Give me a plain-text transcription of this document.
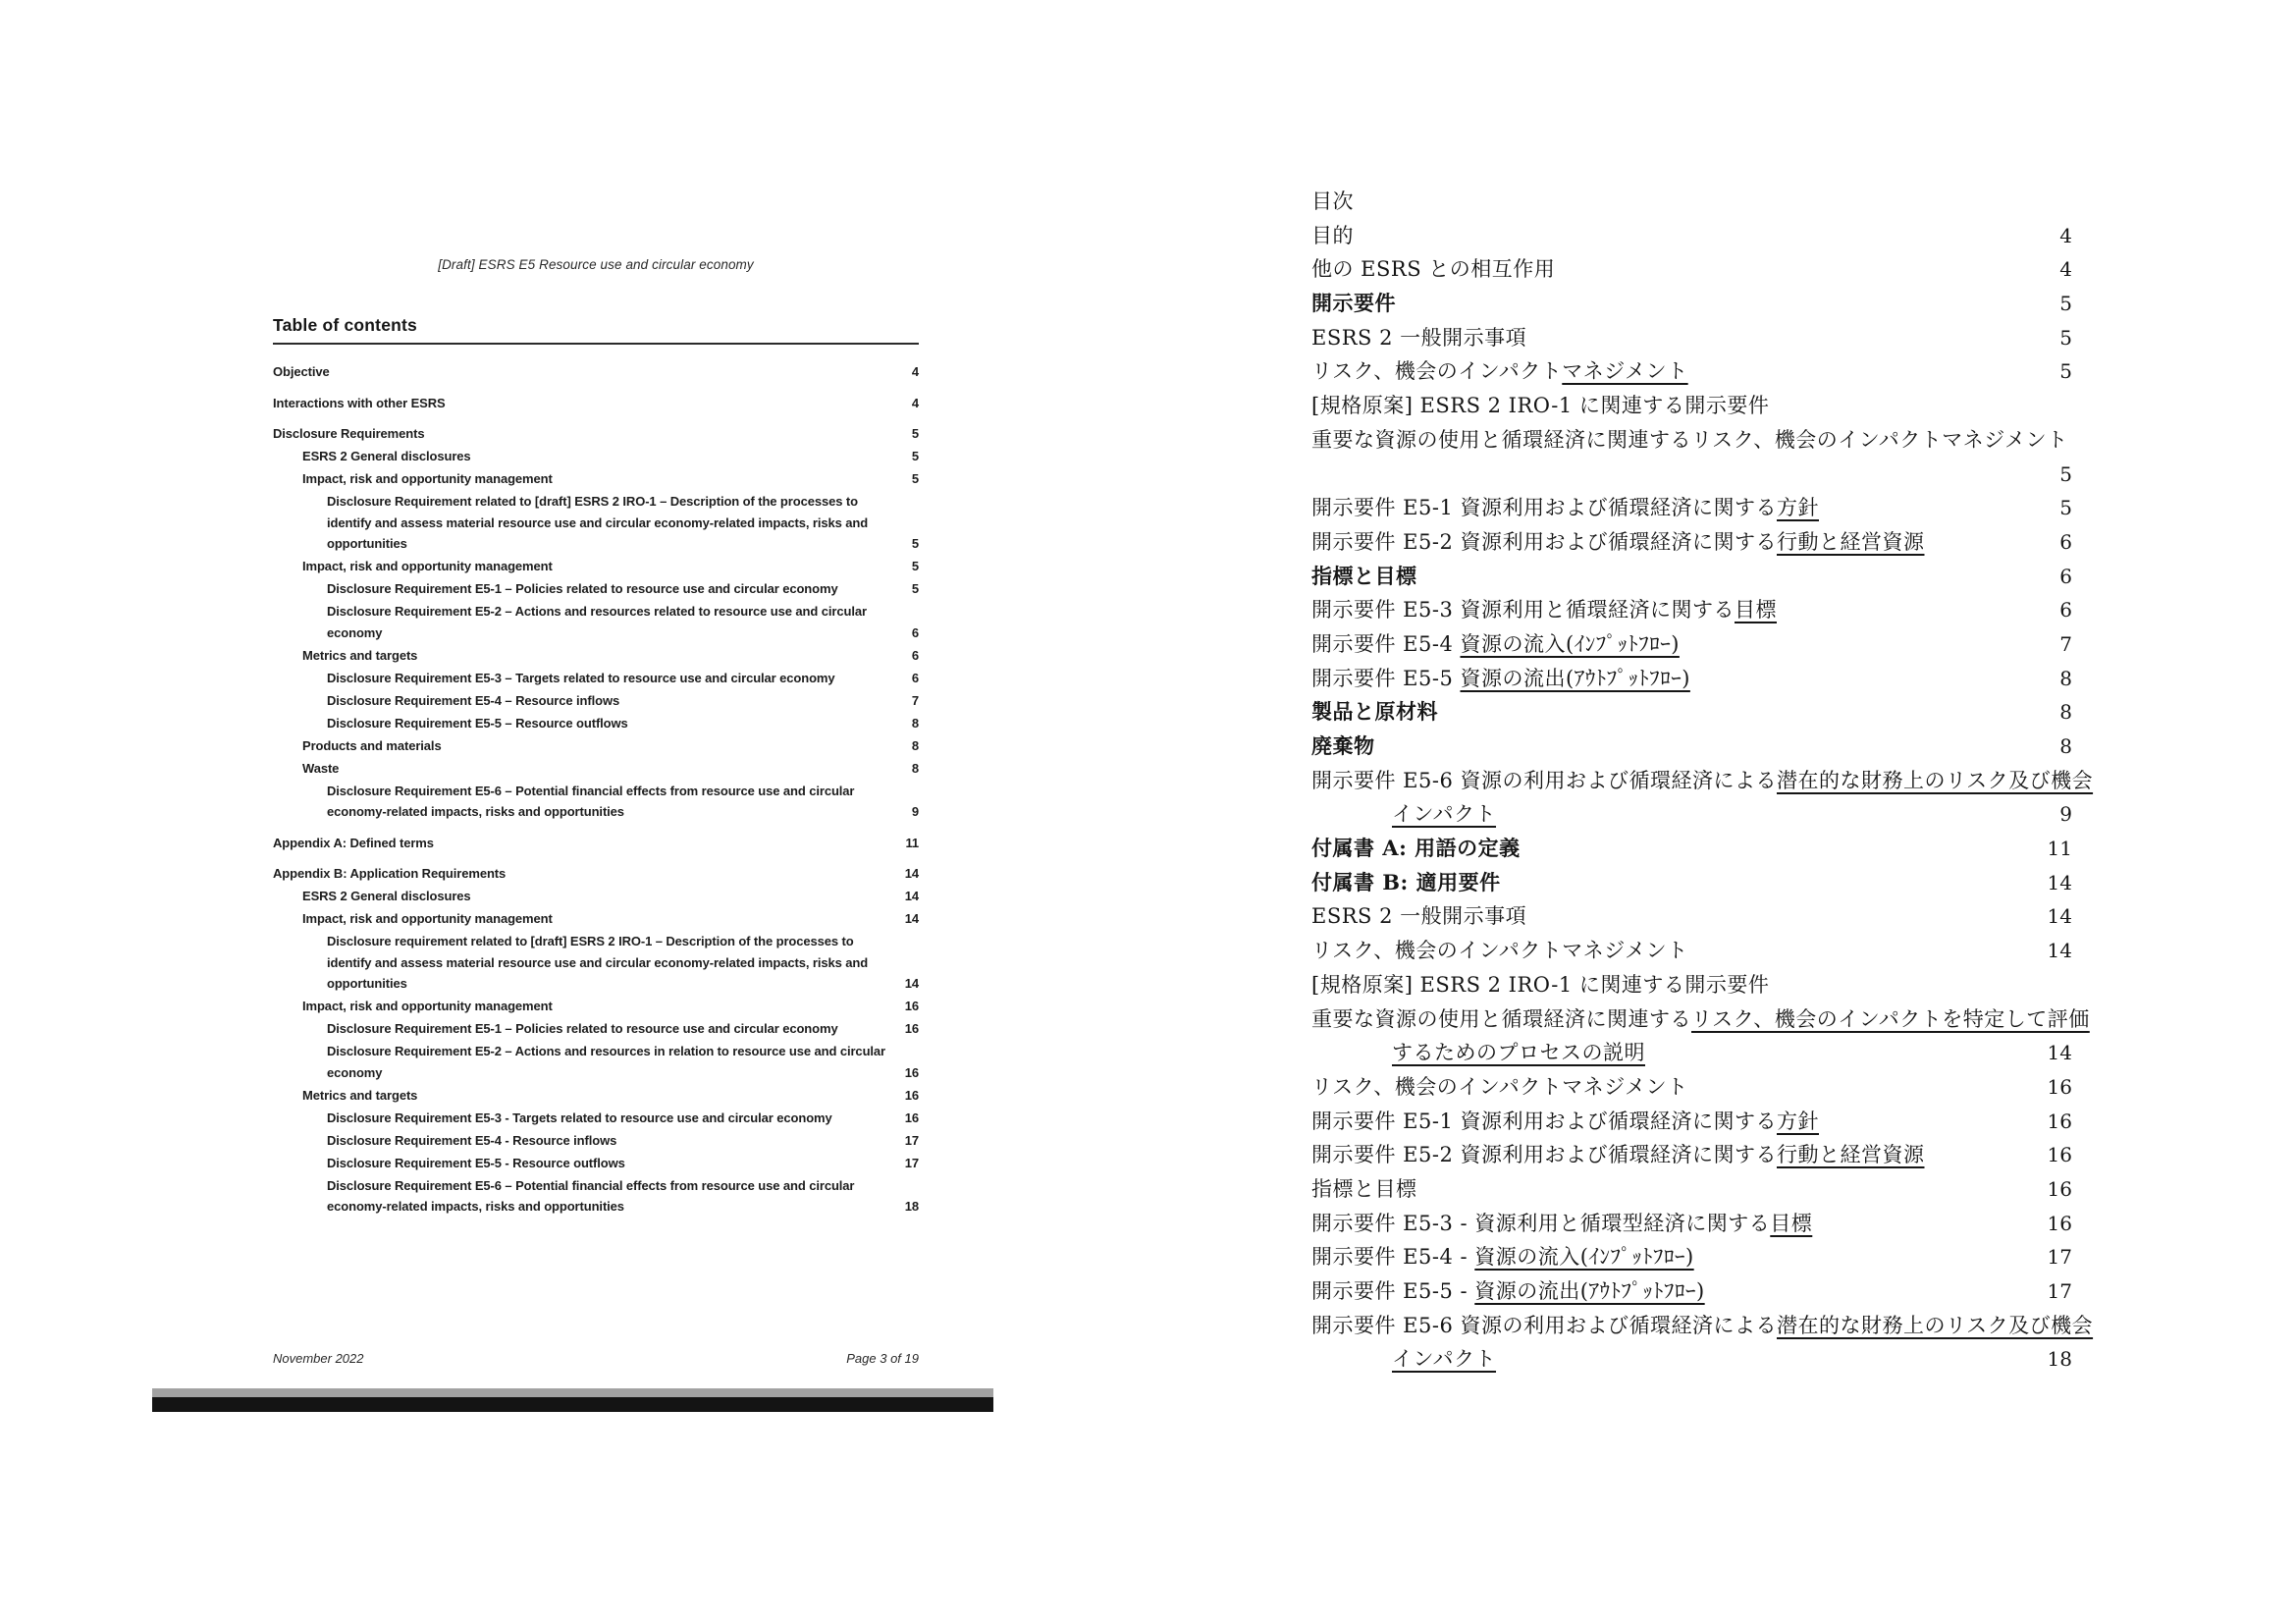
[Draft] ESRS E5 Resource use and circular economy
Table of contents
Objective	4
Interactions with other ESRS	4
Disclosure Requirements	5
ESRS 2 General disclosures	5
Impact, risk and opportunity management	5
Disclosure Requirement related to [draft] ESRS 2 IRO-1 – Description of the processes to identify and assess material resource use and circular economy-related impacts, risks and opportunities	5
Impact, risk and opportunity management	5
Disclosure Requirement E5-1 – Policies related to resource use and circular economy	5
Disclosure Requirement E5-2 – Actions and resources related to resource use and circular economy	6
Metrics and targets	6
Disclosure Requirement E5-3 – Targets related to resource use and circular economy	6
Disclosure Requirement E5-4 – Resource inflows	7
Disclosure Requirement E5-5 – Resource outflows	8
Products and materials	8
Waste	8
Disclosure Requirement E5-6 – Potential financial effects from resource use and circular economy-related impacts, risks and opportunities	9
Appendix A: Defined terms	11
Appendix B: Application Requirements	14
ESRS 2 General disclosures	14
Impact, risk and opportunity management	14
Disclosure requirement related to [draft] ESRS 2 IRO-1 – Description of the processes to identify and assess material resource use and circular economy-related impacts, risks and opportunities	14
Impact, risk and opportunity management	16
Disclosure Requirement E5-1 – Policies related to resource use and circular economy	16
Disclosure Requirement E5-2 – Actions and resources in relation to resource use and circular economy	16
Metrics and targets	16
Disclosure Requirement E5-3 - Targets related to resource use and circular economy	16
Disclosure Requirement E5-4 - Resource inflows	17
Disclosure Requirement E5-5 - Resource outflows	17
Disclosure Requirement E5-6 – Potential financial effects from resource use and circular economy-related impacts, risks and opportunities	18
November 2022	Page 3 of 19
目次
目的	4
他の ESRS との相互作用	4
開示要件	5
ESRS 2 一般開示事項	5
リスク、機会のインパクトマネジメント	5
[規格原案] ESRS 2 IRO-1 に関連する開示要件
重要な資源の使用と循環経済に関連するリスク、機会のインパクトマネジメント
5
開示要件 E5-1 資源利用および循環経済に関する方針	5
開示要件 E5-2 資源利用および循環経済に関する行動と経営資源	6
指標と目標	6
開示要件 E5-3 資源利用と循環経済に関する目標	6
開示要件 E5-4 資源の流入(ｲﾝﾌﾟｯﾄﾌﾛｰ)	7
開示要件 E5-5 資源の流出(ｱｳﾄﾌﾟｯﾄﾌﾛｰ)	8
製品と原材料	8
廃棄物	8
開示要件 E5-6 資源の利用および循環経済による潜在的な財務上のリスク及び機会
インパクト	9
付属書 A: 用語の定義	11
付属書 B: 適用要件	14
ESRS 2 一般開示事項	14
リスク、機会のインパクトマネジメント	14
[規格原案] ESRS 2 IRO-1 に関連する開示要件
重要な資源の使用と循環経済に関連するリスク、機会のインパクトを特定して評価
するためのプロセスの説明	14
リスク、機会のインパクトマネジメント	16
開示要件 E5-1 資源利用および循環経済に関する方針	16
開示要件 E5-2 資源利用および循環経済に関する行動と経営資源	16
指標と目標	16
開示要件 E5-3 - 資源利用と循環型経済に関する目標	16
開示要件 E5-4 - 資源の流入(ｲﾝﾌﾟｯﾄﾌﾛｰ)	17
開示要件 E5-5 - 資源の流出(ｱｳﾄﾌﾟｯﾄﾌﾛｰ)	17
開示要件 E5-6 資源の利用および循環経済による潜在的な財務上のリスク及び機会
インパクト	18
